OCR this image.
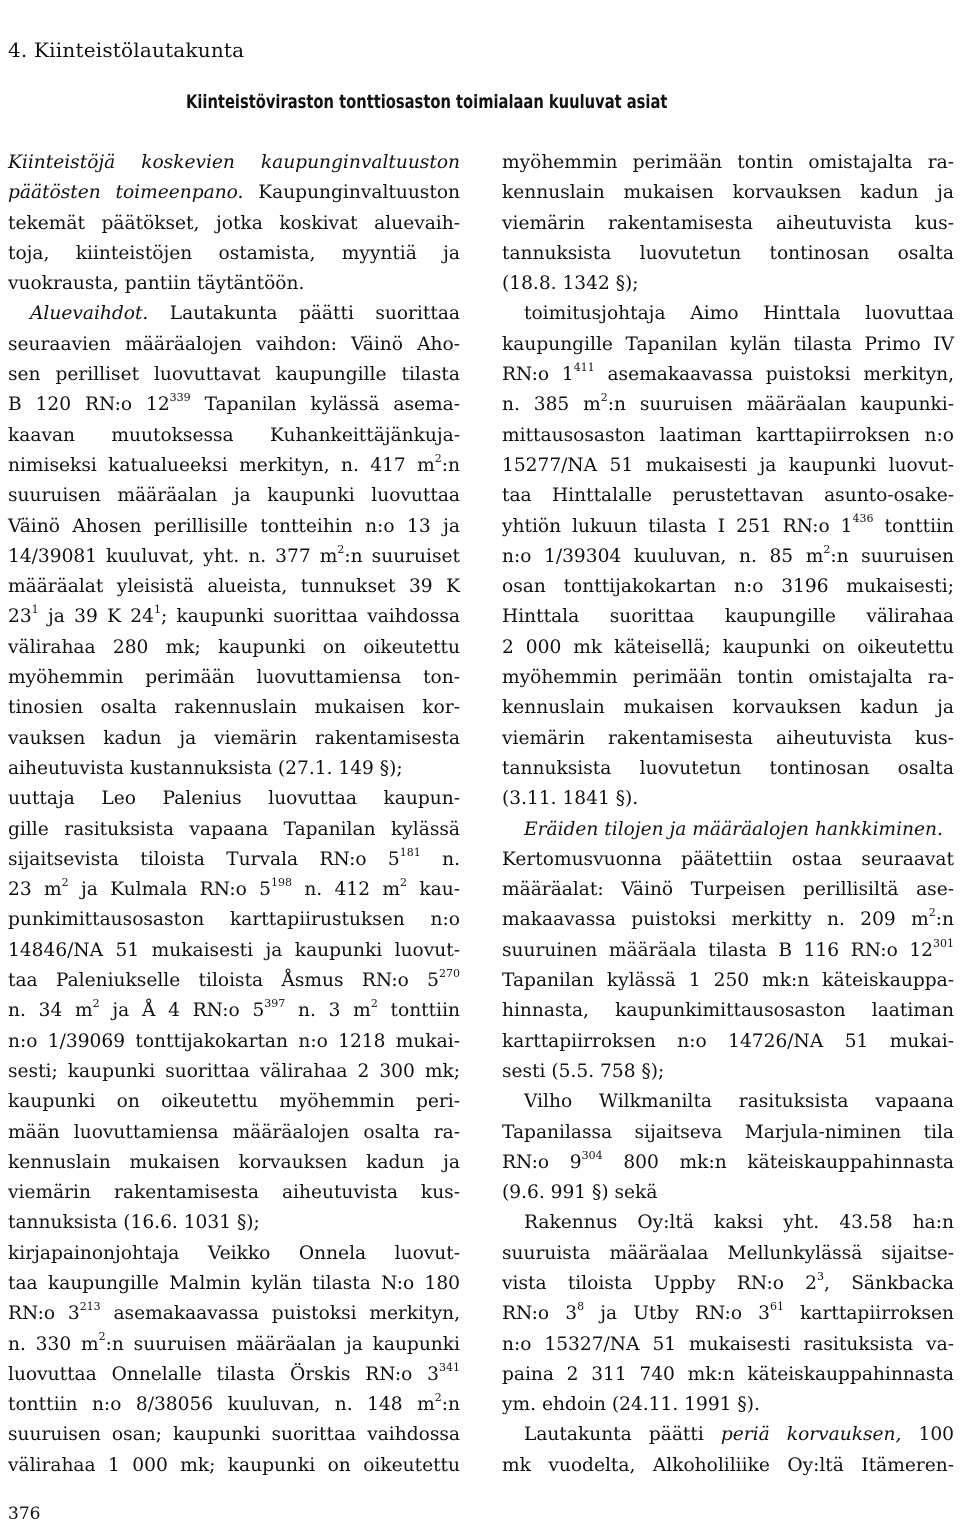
4. Kiinteistölautakunta
Kiinteistöviraston tonttiosaston toimialaan kuuluvat asiat
Kiinteistöjä koskevien kaupunginvaltuuston
päätösten toimeenpano. Kaupunginvaltuuston
tekemät päätökset, jotka koskivat aluevaih-
toja, kiinteistöjen ostamista, myyntiä ja
vuokrausta, pantiin täytäntöön.
Aluevaihdot. Lautakunta päätti suorittaa
seuraavien määräalojen vaihdon: Väinö Aho-
sen perilliset luovuttavat kaupungille tilasta
B 120 RN:o $12^{339}$ Tapanilan kylässä asema-
kaavan muutoksessa Kuhankeittäjänkuja-
nimiseksi katualueeksi merkityn, n. 417 $m^2:n$
suuruisen määräalan ja kaupunki luovuttaa
Väinö Ahosen perillisille tontteihin n:o 13 ja
14/39081 kuuluvat, yht. n. 377 $m^2:n$ suuruiset
määräalat yleisistä alueista, tunnukset 39 K
$23^1$ ja 39 K $24^1$; kaupunki suorittaa vaihdossa
välirahaa 280 mk; kaupunki on oikeutettu
myöhemmin perimään luovuttamiensa ton-
tinosien osalta rakennuslain mukaisen kor-
vauksen kadun ja viemärin rakentamisesta
aiheutuvista kustannuksista (27.1. 149 §);
uuttaja Leo Palenius luovuttaa kaupun-
gille rasituksista vapaana Tapanilan kylässä
sijaitsevista tiloista Turvala RN:o $5^{181}$ n.
23 $m^2$ ja Kulmala RN:o $5^{198}$ n. 412 $m^2$ kau-
punkimittausosaston karttapiirustuksen n:o
14846/NA 51 mukaisesti ja kaupunki luovut-
taa Paleniukselle tiloista Åsmus RN:o $5^{270}$
n. 34 $m^2$ ja Å 4 RN:o $5^{397}$ n. 3 $m^2$ tonttiin
n:o 1/39069 tonttijakokartan n:o 1218 mukai-
sesti; kaupunki suorittaa välirahaa 2 300 mk;
kaupunki on oikeutettu myöhemmin peri-
mään luovuttamiensa määräalojen osalta ra-
kennuslain mukaisen korvauksen kadun ja
viemärin rakentamisesta aiheutuvista kus-
tannuksista (16.6. 1031 §);
kirjapainonjohtaja Veikko Onnela luovut-
taa kaupungille Malmin kylän tilasta N:o 180
RN:o $3^{213}$ asemakaavassa puistoksi merkityn,
n. 330 $m^2:n$ suuruisen määräalan ja kaupunki
luovuttaa Onnelalle tilasta Örskis RN:o $3^{341}$
tonttiin n:o 8/38056 kuuluvan, n. 148 $m^2:n$
suuruisen osan; kaupunki suorittaa vaihdossa
välirahaa 1 000 mk; kaupunki on oikeutettu
myöhemmin perimään tontin omistajalta ra-
kennuslain mukaisen korvauksen kadun ja
viemärin rakentamisesta aiheutuvista kus-
tannuksista luovutetun tontinosan osalta
(18.8. 1342 §);
toimitusjohtaja Aimo Hinttala luovuttaa
kaupungille Tapanilan kylän tilasta Primo IV
RN:o $1^{411}$ asemakaavassa puistoksi merkityn,
n. 385 $m^2:n$ suuruisen määräalan kaupunki-
mittausosaston laatiman karttapiirroksen n:o
15277/NA 51 mukaisesti ja kaupunki luovut-
taa Hinttalalle perustettavan asunto-osake-
yhtiön lukuun tilasta I 251 RN:o $1^{436}$ tonttiin
n:o 1/39304 kuuluvan, n. 85 $m^2:n$ suuruisen
osan tonttijakokartan n:o 3196 mukaisesti;
Hinttala suorittaa kaupungille välirahaa
2 000 mk käteisellä; kaupunki on oikeutettu
myöhemmin perimään tontin omistajalta ra-
kennuslain mukaisen korvauksen kadun ja
viemärin rakentamisesta aiheutuvista kus-
tannuksista luovutetun tontinosan osalta
(3.11. 1841 §).
Eräiden tilojen ja määräalojen hankkiminen.
Kertomusvuonna päätettiin ostaa seuraavat
määräalat: Väinö Turpeisen perillisiltä ase-
makaavassa puistoksi merkitty n. 209 $m^2:n$
suuruinen määräala tilasta B 116 RN:o $12^{301}$
Tapanilan kylässä 1 250 mk:n käteiskauppa-
hinnasta, kaupunkimittausosaston laatiman
karttapiirroksen n:o 14726/NA 51 mukai-
sesti (5.5. 758 §);
Vilho Wilkmanilta rasituksista vapaana
Tapanilassa sijaitseva Marjula-niminen tila
RN:o $9^{304}$ 800 mk:n käteiskauppahinnasta
(9.6. 991 §) sekä
Rakennus Oy:ltä kaksi yht. 43.58 ha:n
suuruista määräalaa Mellunkylässä sijaitse-
vista tiloista Uppby RN:o $2^3$, Sänkbacka
RN:o $3^8$ ja Utby RN:o $3^{61}$ karttapiirroksen
n:o 15327/NA 51 mukaisesti rasituksista va-
paina 2 311 740 mk:n käteiskauppahinnasta
ym. ehdoin (24.11. 1991 §).
Lautakunta päätti periä korvauksen, 100
mk vuodelta, Alkoholiliike Oy:ltä Itämeren-
376
